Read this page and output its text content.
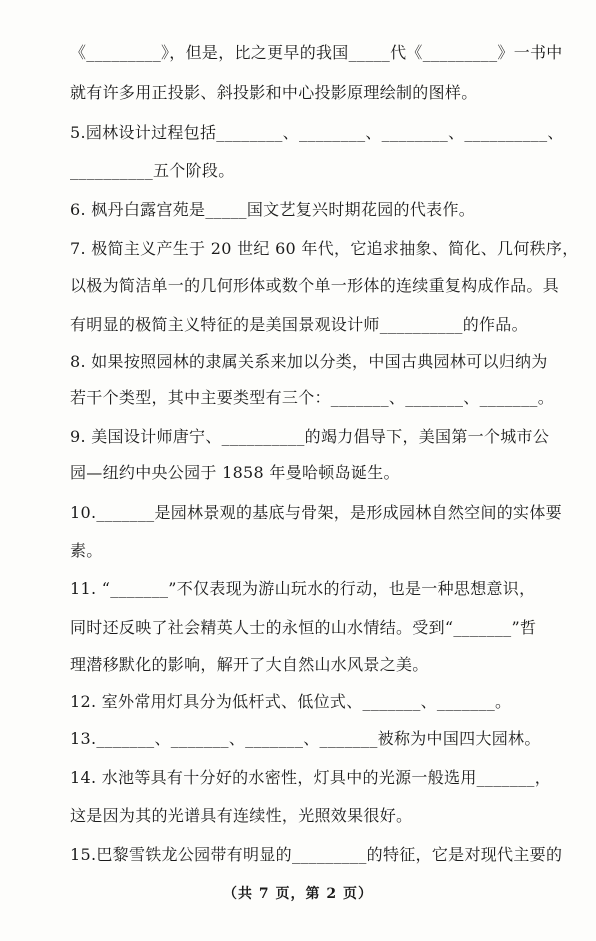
《_________》，但是，比之更早的我国_____代《_________》一书中
就有许多用正投影、斜投影和中心投影原理绘制的图样。
5.园林设计过程包括________、________、________、__________、
__________五个阶段。
6. 枫丹白露宫苑是_____国文艺复兴时期花园的代表作。
7. 极简主义产生于 20 世纪 60 年代，它追求抽象、简化、几何秩序，
以极为简洁单一的几何形体或数个单一形体的连续重复构成作品。具
有明显的极简主义特征的是美国景观设计师__________的作品。
8. 如果按照园林的隶属关系来加以分类，中国古典园林可以归纳为
若干个类型，其中主要类型有三个：_______、_______、_______。
9. 美国设计师唐宁、__________的竭力倡导下，美国第一个城市公
园—纽约中央公园于 1858 年曼哈顿岛诞生。
10._______是园林景观的基底与骨架，是形成园林自然空间的实体要
素。
11. “_______”不仅表现为游山玩水的行动，也是一种思想意识，
同时还反映了社会精英人士的永恒的山水情结。受到“_______”哲
理潜移默化的影响，解开了大自然山水风景之美。
12. 室外常用灯具分为低杆式、低位式、_______、_______。
13._______、_______、_______、_______被称为中国四大园林。
14. 水池等具有十分好的水密性，灯具中的光源一般选用_______，
这是因为其的光谱具有连续性，光照效果很好。
15.巴黎雪铁龙公园带有明显的_________的特征，它是对现代主要的
（共 7 页，第 2 页）
